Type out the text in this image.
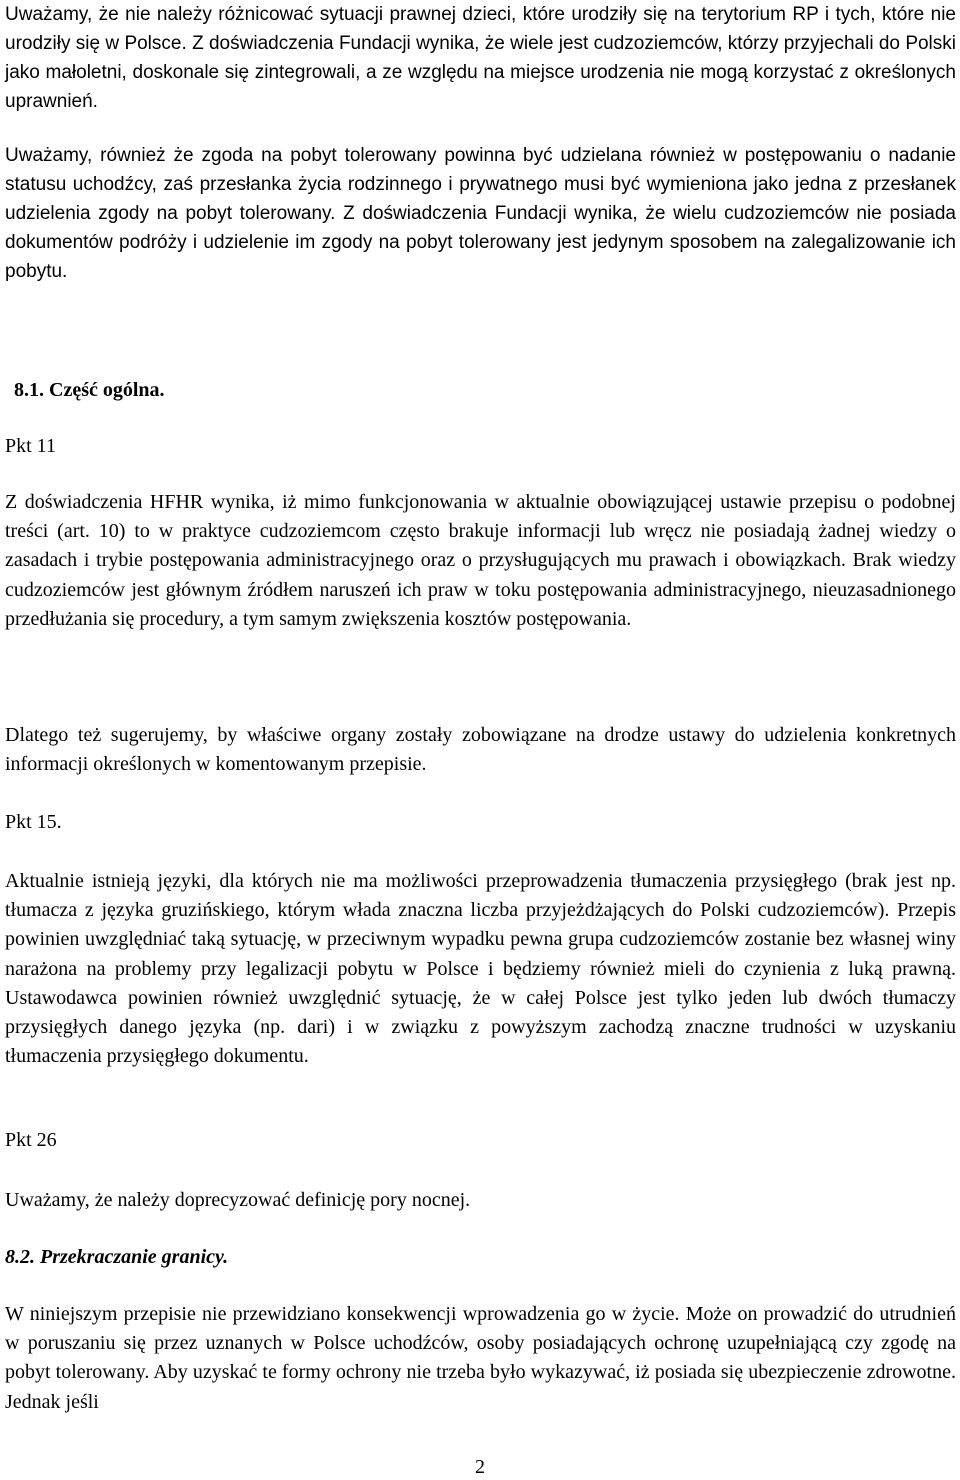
Uważamy, że nie należy różnicować sytuacji prawnej dzieci, które urodziły się na terytorium RP i tych, które nie urodziły się w Polsce. Z doświadczenia Fundacji wynika, że wiele jest cudzoziemców, którzy przyjechali do Polski jako małoletni, doskonale się zintegrowali, a ze względu na miejsce urodzenia nie mogą korzystać z określonych uprawnień.

Uważamy, również że zgoda na pobyt tolerowany powinna być udzielana również w postępowaniu o nadanie statusu uchodźcy, zaś przesłanka życia rodzinnego i prywatnego musi być wymieniona jako jedna z przesłanek udzielenia zgody na pobyt tolerowany. Z doświadczenia Fundacji wynika, że wielu cudzoziemców nie posiada dokumentów podróży i udzielenie im zgody na pobyt tolerowany jest jedynym sposobem na zalegalizowanie ich pobytu.

8.1. Część ogólna.

Pkt 11

Z doświadczenia HFHR wynika, iż mimo funkcjonowania w aktualnie obowiązującej ustawie przepisu o podobnej treści (art. 10) to w praktyce cudzoziemcom często brakuje informacji lub wręcz nie posiadają żadnej wiedzy o zasadach i trybie postępowania administracyjnego oraz o przysługujących mu prawach i obowiązkach. Brak wiedzy cudzoziemców jest głównym źródłem naruszeń ich praw w toku postępowania administracyjnego, nieuzasadnionego przedłużania się procedury, a tym samym zwiększenia kosztów postępowania.

Dlatego też sugerujemy, by właściwe organy zostały zobowiązane na drodze ustawy do udzielenia konkretnych informacji określonych w komentowanym przepisie.

Pkt 15.

Aktualnie istnieją języki, dla których nie ma możliwości przeprowadzenia tłumaczenia przysięgłego (brak jest np. tłumacza z języka gruzińskiego, którym włada znaczna liczba przyjeżdżających do Polski cudzoziemców). Przepis powinien uwzględniać taką sytuację, w przeciwnym wypadku pewna grupa cudzoziemców zostanie bez własnej winy narażona na problemy przy legalizacji pobytu w Polsce i będziemy również mieli do czynienia z luką prawną. Ustawodawca powinien również uwzględnić sytuację, że w całej Polsce jest tylko jeden lub dwóch tłumaczy przysięgłych danego języka (np. dari) i w związku z powyższym zachodzą znaczne trudności w uzyskaniu tłumaczenia przysięgłego dokumentu.

Pkt 26

Uważamy, że należy doprecyzować definicję pory nocnej.

8.2. Przekraczanie granicy.

W niniejszym przepisie nie przewidziano konsekwencji wprowadzenia go w życie. Może on prowadzić do utrudnień w poruszaniu się przez uznanych w Polsce uchodźców, osoby posiadających ochronę uzupełniającą czy zgodę na pobyt tolerowany. Aby uzyskać te formy ochrony nie trzeba było wykazywać, iż posiada się ubezpieczenie zdrowotne. Jednak jeśli

2
